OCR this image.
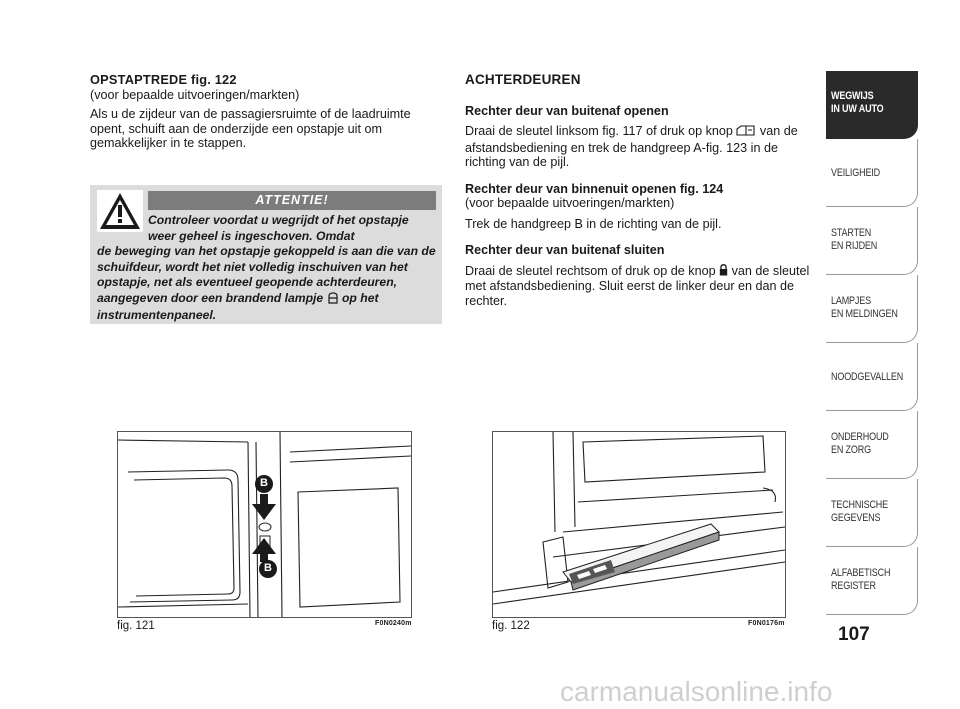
OPSTAPTREDE fig. 122

(voor bepaalde uitvoeringen/markten)

Als u de zijdeur van de passagiersruimte of de laadruimte opent, schuift aan de onderzijde een opstapje uit om gemakkelijker in te stappen.

ATTENTIE!
Controleer voordat u wegrijdt of het opstapje weer geheel is ingeschoven. Omdat
de beweging van het opstapje gekoppeld is aan die van de schuifdeur, wordt het niet volledig inschuiven van het opstapje, net als eventueel geopende achterdeuren, aangegeven door een brandend lampje op het instrumentenpaneel.

ACHTERDEUREN

Rechter deur van buitenaf openen

Draai de sleutel linksom fig. 117 of druk op knop van de afstandsbediening en trek de handgreep A-fig. 123 in de richting van de pijl.

Rechter deur van binnenuit openen fig. 124

(voor bepaalde uitvoeringen/markten)

Trek de handgreep B in de richting van de pijl.

Rechter deur van buitenaf sluiten

Draai de sleutel rechtsom of druk op de knop van de sleutel met afstandsbediening. Sluit eerst de linker deur en dan de rechter.

B
B
fig. 121	F0N0240m	fig. 122	F0N0176m
WEGWIJS
IN UW AUTO
VEILIGHEID
STARTEN
EN RIJDEN
LAMPJES
EN MELDINGEN
NOODGEVALLEN
ONDERHOUD
EN ZORG
TECHNISCHE
GEGEVENS
ALFABETISCH
REGISTER
107
carmanualsonline.info
